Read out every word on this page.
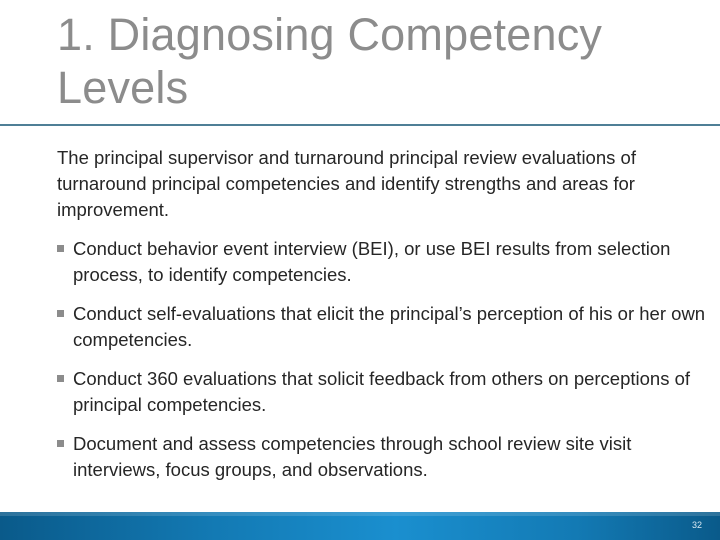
1. Diagnosing Competency
Levels

The principal supervisor and turnaround principal review evaluations of turnaround principal competencies and identify strengths and areas for improvement.

Conduct behavior event interview (BEI), or use BEI results from selection process, to identify competencies.
Conduct self-evaluations that elicit the principal’s perception of his or her own competencies.
Conduct 360 evaluations that solicit feedback from others on perceptions of principal competencies.
Document and assess competencies through school review site visit interviews, focus groups, and observations.
32
